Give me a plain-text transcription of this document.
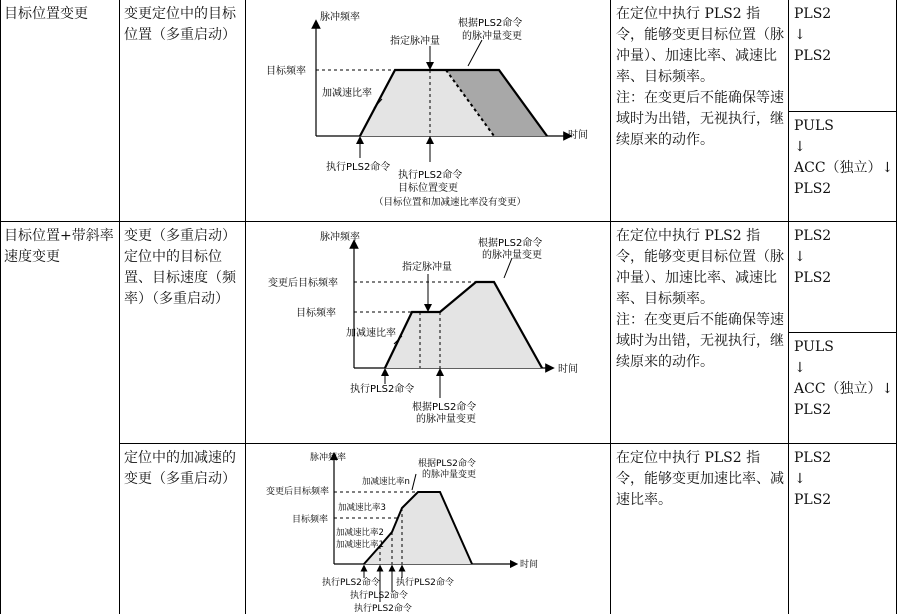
目标位置变更	变更定位中的目标位置（多重启动）
在定位中执行 PLS2 指令，能够变更目标位置（脉冲量）、加速比率、减速比率、目标频率。
注：在变更后不能确保等速域时为出错，无视执行，继续原来的动作。
PLS2
↓
PLS2
PULS
↓
ACC（独立）↓
PLS2
目标位置+带斜率速度变更
变更（多重启动）定位中的目标位置、目标速度（频率）（多重启动）
在定位中执行 PLS2 指令，能够变更目标位置（脉冲量）、加速比率、减速比率、目标频率。
注：在变更后不能确保等速域时为出错，无视执行，继续原来的动作。
PLS2
↓
PLS2
PULS
↓
ACC（独立）↓
PLS2
定位中的加减速的变更（多重启动）
在定位中执行 PLS2 指令，能够变更加速比率、减速比率。
PLS2
↓
PLS2
脉冲频率
时间
目标频率
指定脉冲量
根据PLS2命令
的脉冲量变更
加减速比率
执行PLS2命令
执行PLS2命令
目标位置变更
（目标位置和加减速比率没有变更）
脉冲频率
时间
变更后目标频率
目标频率
指定脉冲量
根据PLS2命令
的脉冲量变更
加减速比率
执行PLS2命令
根据PLS2命令
的脉冲量变更
脉冲频率
时间
根据PLS2命令
的脉冲量变更
变更后目标频率
加减速比率n
加减速比率3
目标频率
加减速比率2
加减速比率1
执行PLS2命令 执行PLS2命令
执行PLS2命令
执行PLS2命令
